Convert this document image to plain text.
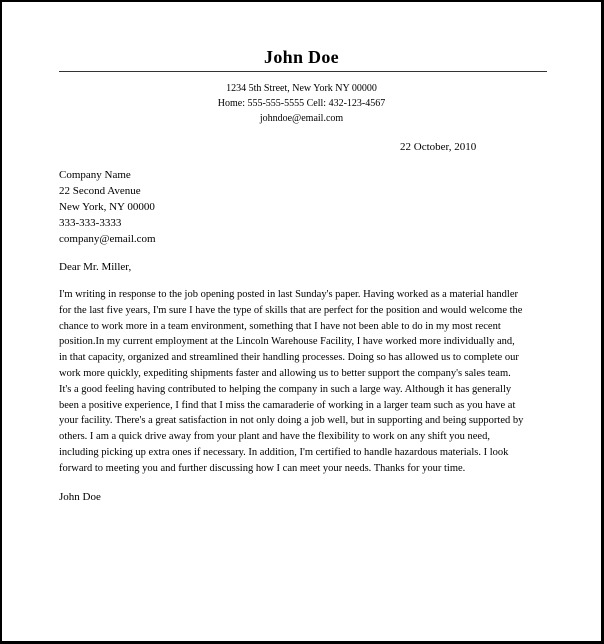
John Doe
1234 5th Street, New York NY 00000
Home: 555-555-5555 Cell: 432-123-4567
johndoe@email.com
22 October, 2010
Company Name
22 Second Avenue
New York, NY 00000
333-333-3333
company@email.com
Dear Mr. Miller,
I'm writing in response to the job opening posted in last Sunday's paper. Having worked as a material handler
for the last five years, I'm sure I have the type of skills that are perfect for the position and would welcome the
chance to work more in a team environment, something that I have not been able to do in my most recent
position.In my current employment at the Lincoln Warehouse Facility, I have worked more individually and,
in that capacity, organized and streamlined their handling processes. Doing so has allowed us to complete our
work more quickly, expediting shipments faster and allowing us to better support the company's sales team.
It's a good feeling having contributed to helping the company in such a large way. Although it has generally
been a positive experience, I find that I miss the camaraderie of working in a larger team such as you have at
your facility. There's a great satisfaction in not only doing a job well, but in supporting and being supported by
others. I am a quick drive away from your plant and have the flexibility to work on any shift you need,
including picking up extra ones if necessary. In addition, I'm certified to handle hazardous materials. I look
forward to meeting you and further discussing how I can meet your needs. Thanks for your time.
John Doe
